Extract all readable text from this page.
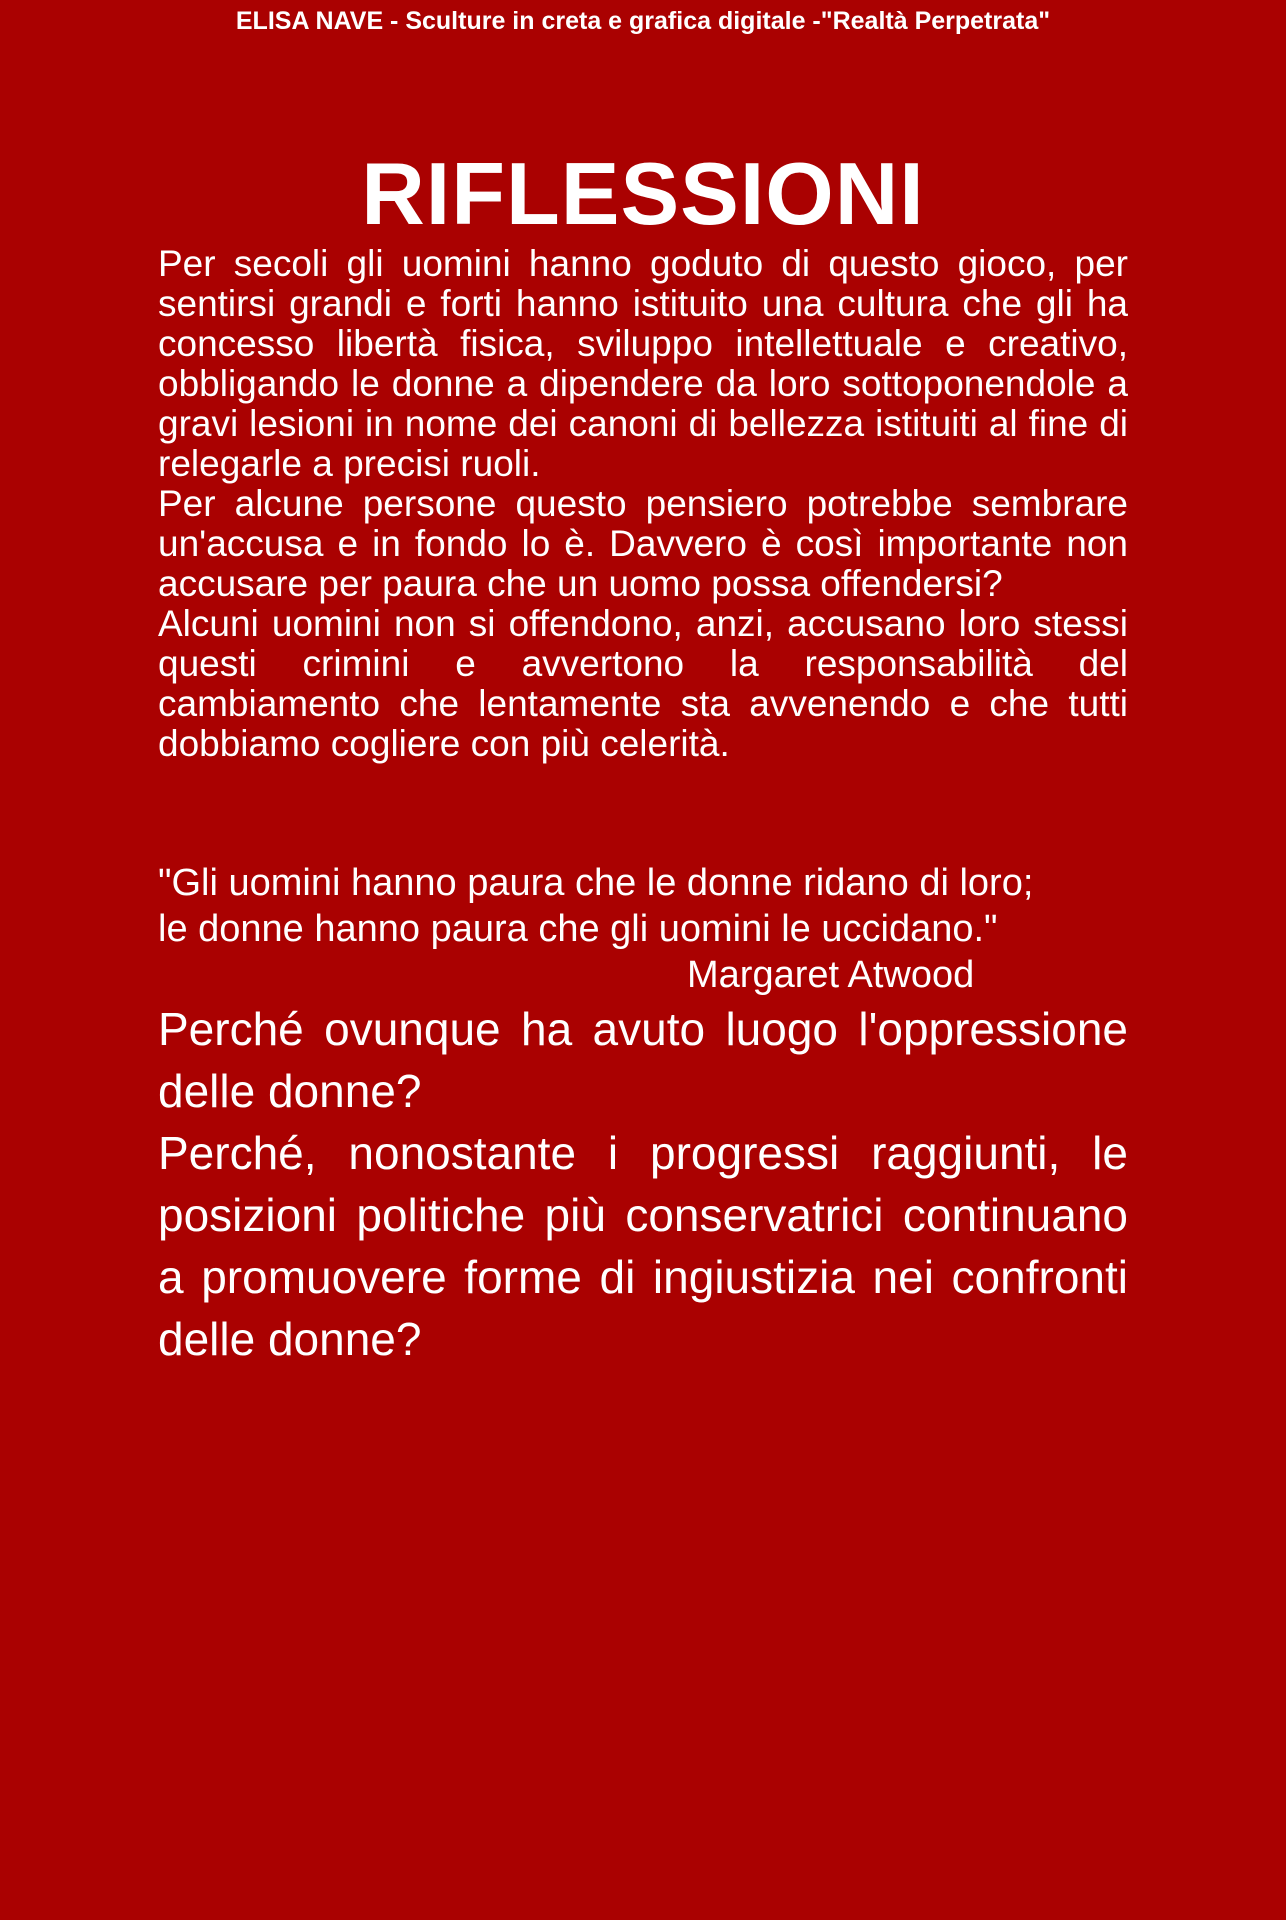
ELISA NAVE - Sculture in creta e grafica digitale -"Realtà Perpetrata"
RIFLESSIONI

Per secoli gli uomini hanno goduto di questo gioco, per sentirsi grandi e forti hanno istituito una cultura che gli ha concesso libertà fisica, sviluppo intellettuale e creativo, obbligando le donne a dipendere da loro sottoponendole a gravi lesioni in nome dei canoni di bellezza istituiti al fine di relegarle a precisi ruoli.

Per alcune persone questo pensiero potrebbe sembrare un'accusa e in fondo lo è. Davvero è così importante non accusare per paura che un uomo possa offendersi?

Alcuni uomini non si offendono, anzi, accusano loro stessi questi crimini e avvertono la responsabilità del cambiamento che lentamente sta avvenendo e che tutti dobbiamo cogliere con più celerità.

"Gli uomini hanno paura che le donne ridano di loro;
le donne hanno paura che gli uomini le uccidano."
Margaret Atwood

Perché ovunque ha avuto luogo l'oppressione delle donne?

Perché, nonostante i progressi raggiunti, le posizioni politiche più conservatrici continuano a promuovere forme di ingiustizia nei confronti delle donne?
